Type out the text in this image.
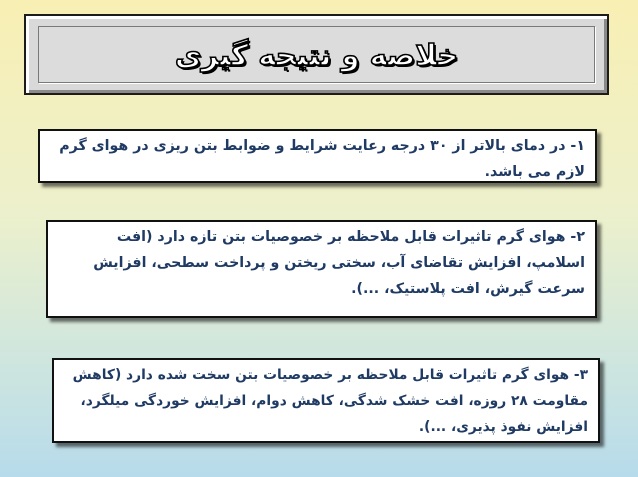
خلاصه و نتیجه گیری

۱- در دمای بالاتر از ۳۰ درجه رعایت شرایط و ضوابط بتن ریزی در هوای گرم لازم می باشد.

۲- هوای گرم تاثیرات قابل ملاحظه بر خصوصیات بتن تازه دارد (افت اسلامپ، افزایش تقاضای آب، سختی ریختن و پرداخت سطحی، افزایش سرعت گیرش، افت پلاستیک، ...).

۳- هوای گرم تاثیرات قابل ملاحظه بر خصوصیات بتن سخت شده دارد (کاهش مقاومت ۲۸ روزه، افت خشک شدگی، کاهش دوام، افزایش خوردگی میلگرد، افزایش نفوذ پذیری، ...).
